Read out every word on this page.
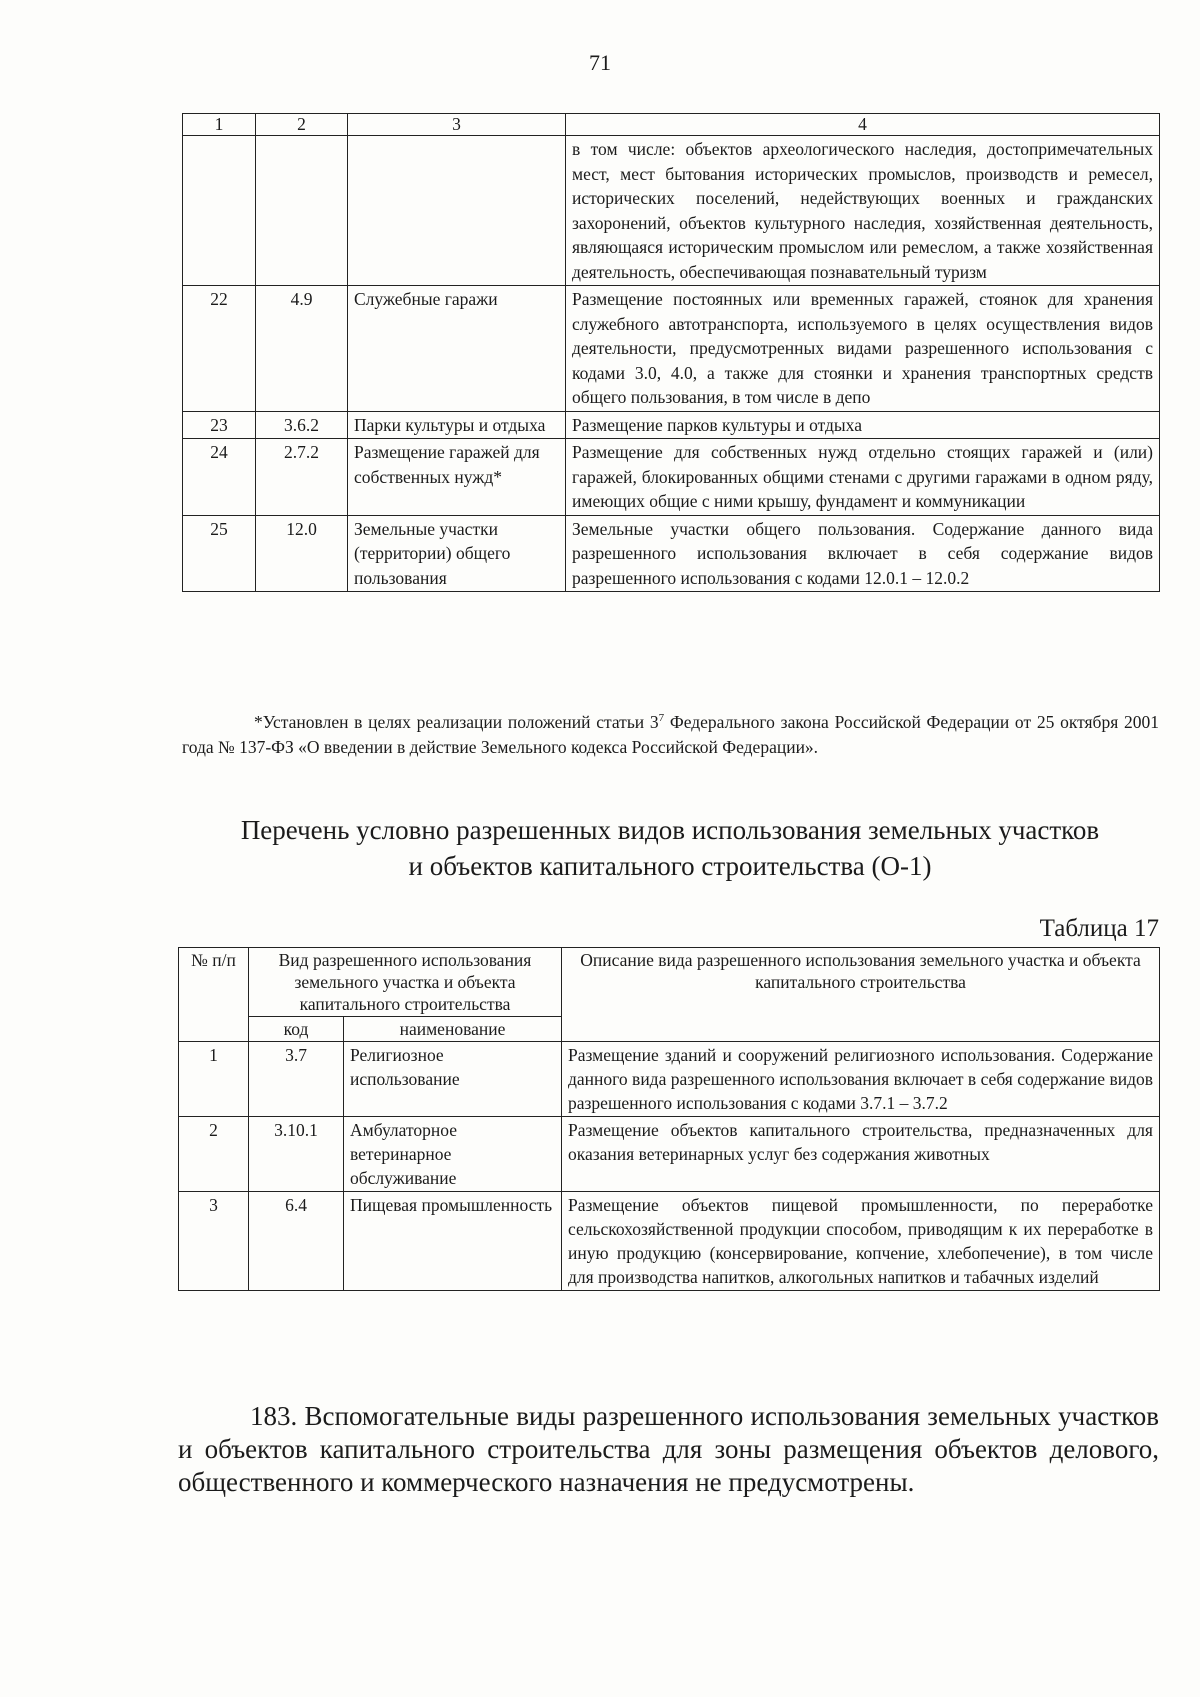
71
1	2	3	4
			в том числе: объектов археологического наследия, достопримечательных мест, мест бытования исторических промыслов, производств и ремесел, исторических поселений, недействующих военных и гражданских захоронений, объектов культурного наследия, хозяйственная деятельность, являющаяся историческим промыслом или ремеслом, а также хозяйственная деятельность, обеспечивающая познавательный туризм
22	4.9	Служебные гаражи	Размещение постоянных или временных гаражей, стоянок для хранения служебного автотранспорта, используемого в целях осуществления видов деятельности, предусмотренных видами разрешенного использования с кодами 3.0, 4.0, а также для стоянки и хранения транспортных средств общего пользования, в том числе в депо
23	3.6.2	Парки культуры и отдыха	Размещение парков культуры и отдыха
24	2.7.2	Размещение гаражей для собственных нужд*	Размещение для собственных нужд отдельно стоящих гаражей и (или) гаражей, блокированных общими стенами с другими гаражами в одном ряду, имеющих общие с ними крышу, фундамент и коммуникации
25	12.0	Земельные участки (территории) общего пользования	Земельные участки общего пользования. Содержание данного вида разрешенного использования включает в себя содержание видов разрешенного использования с кодами 12.0.1 – 12.0.2
*Установлен в целях реализации положений статьи $3^7$ Федерального закона Российской Федерации от 25 октября 2001 года № 137-ФЗ «О введении в действие Земельного кодекса Российской Федерации».
Перечень условно разрешенных видов использования земельных участков
и объектов капитального строительства (О-1)
Таблица 17
№ п/п	Вид разрешенного использования земельного участка и объекта капитального строительства		Описание вида разрешенного использования земельного участка и объекта капитального строительства
	код	наименование	
1	3.7	Религиозное использование	Размещение зданий и сооружений религиозного использования. Содержание данного вида разрешенного использования включает в себя содержание видов разрешенного использования с кодами 3.7.1 – 3.7.2
2	3.10.1	Амбулаторное ветеринарное обслуживание	Размещение объектов капитального строительства, предназначенных для оказания ветеринарных услуг без содержания животных
3	6.4	Пищевая промышленность	Размещение объектов пищевой промышленности, по переработке сельскохозяйственной продукции способом, приводящим к их переработке в иную продукцию (консервирование, копчение, хлебопечение), в том числе для производства напитков, алкогольных напитков и табачных изделий
183. Вспомогательные виды разрешенного использования земельных участков и объектов капитального строительства для зоны размещения объектов делового, общественного и коммерческого назначения не предусмотрены.
